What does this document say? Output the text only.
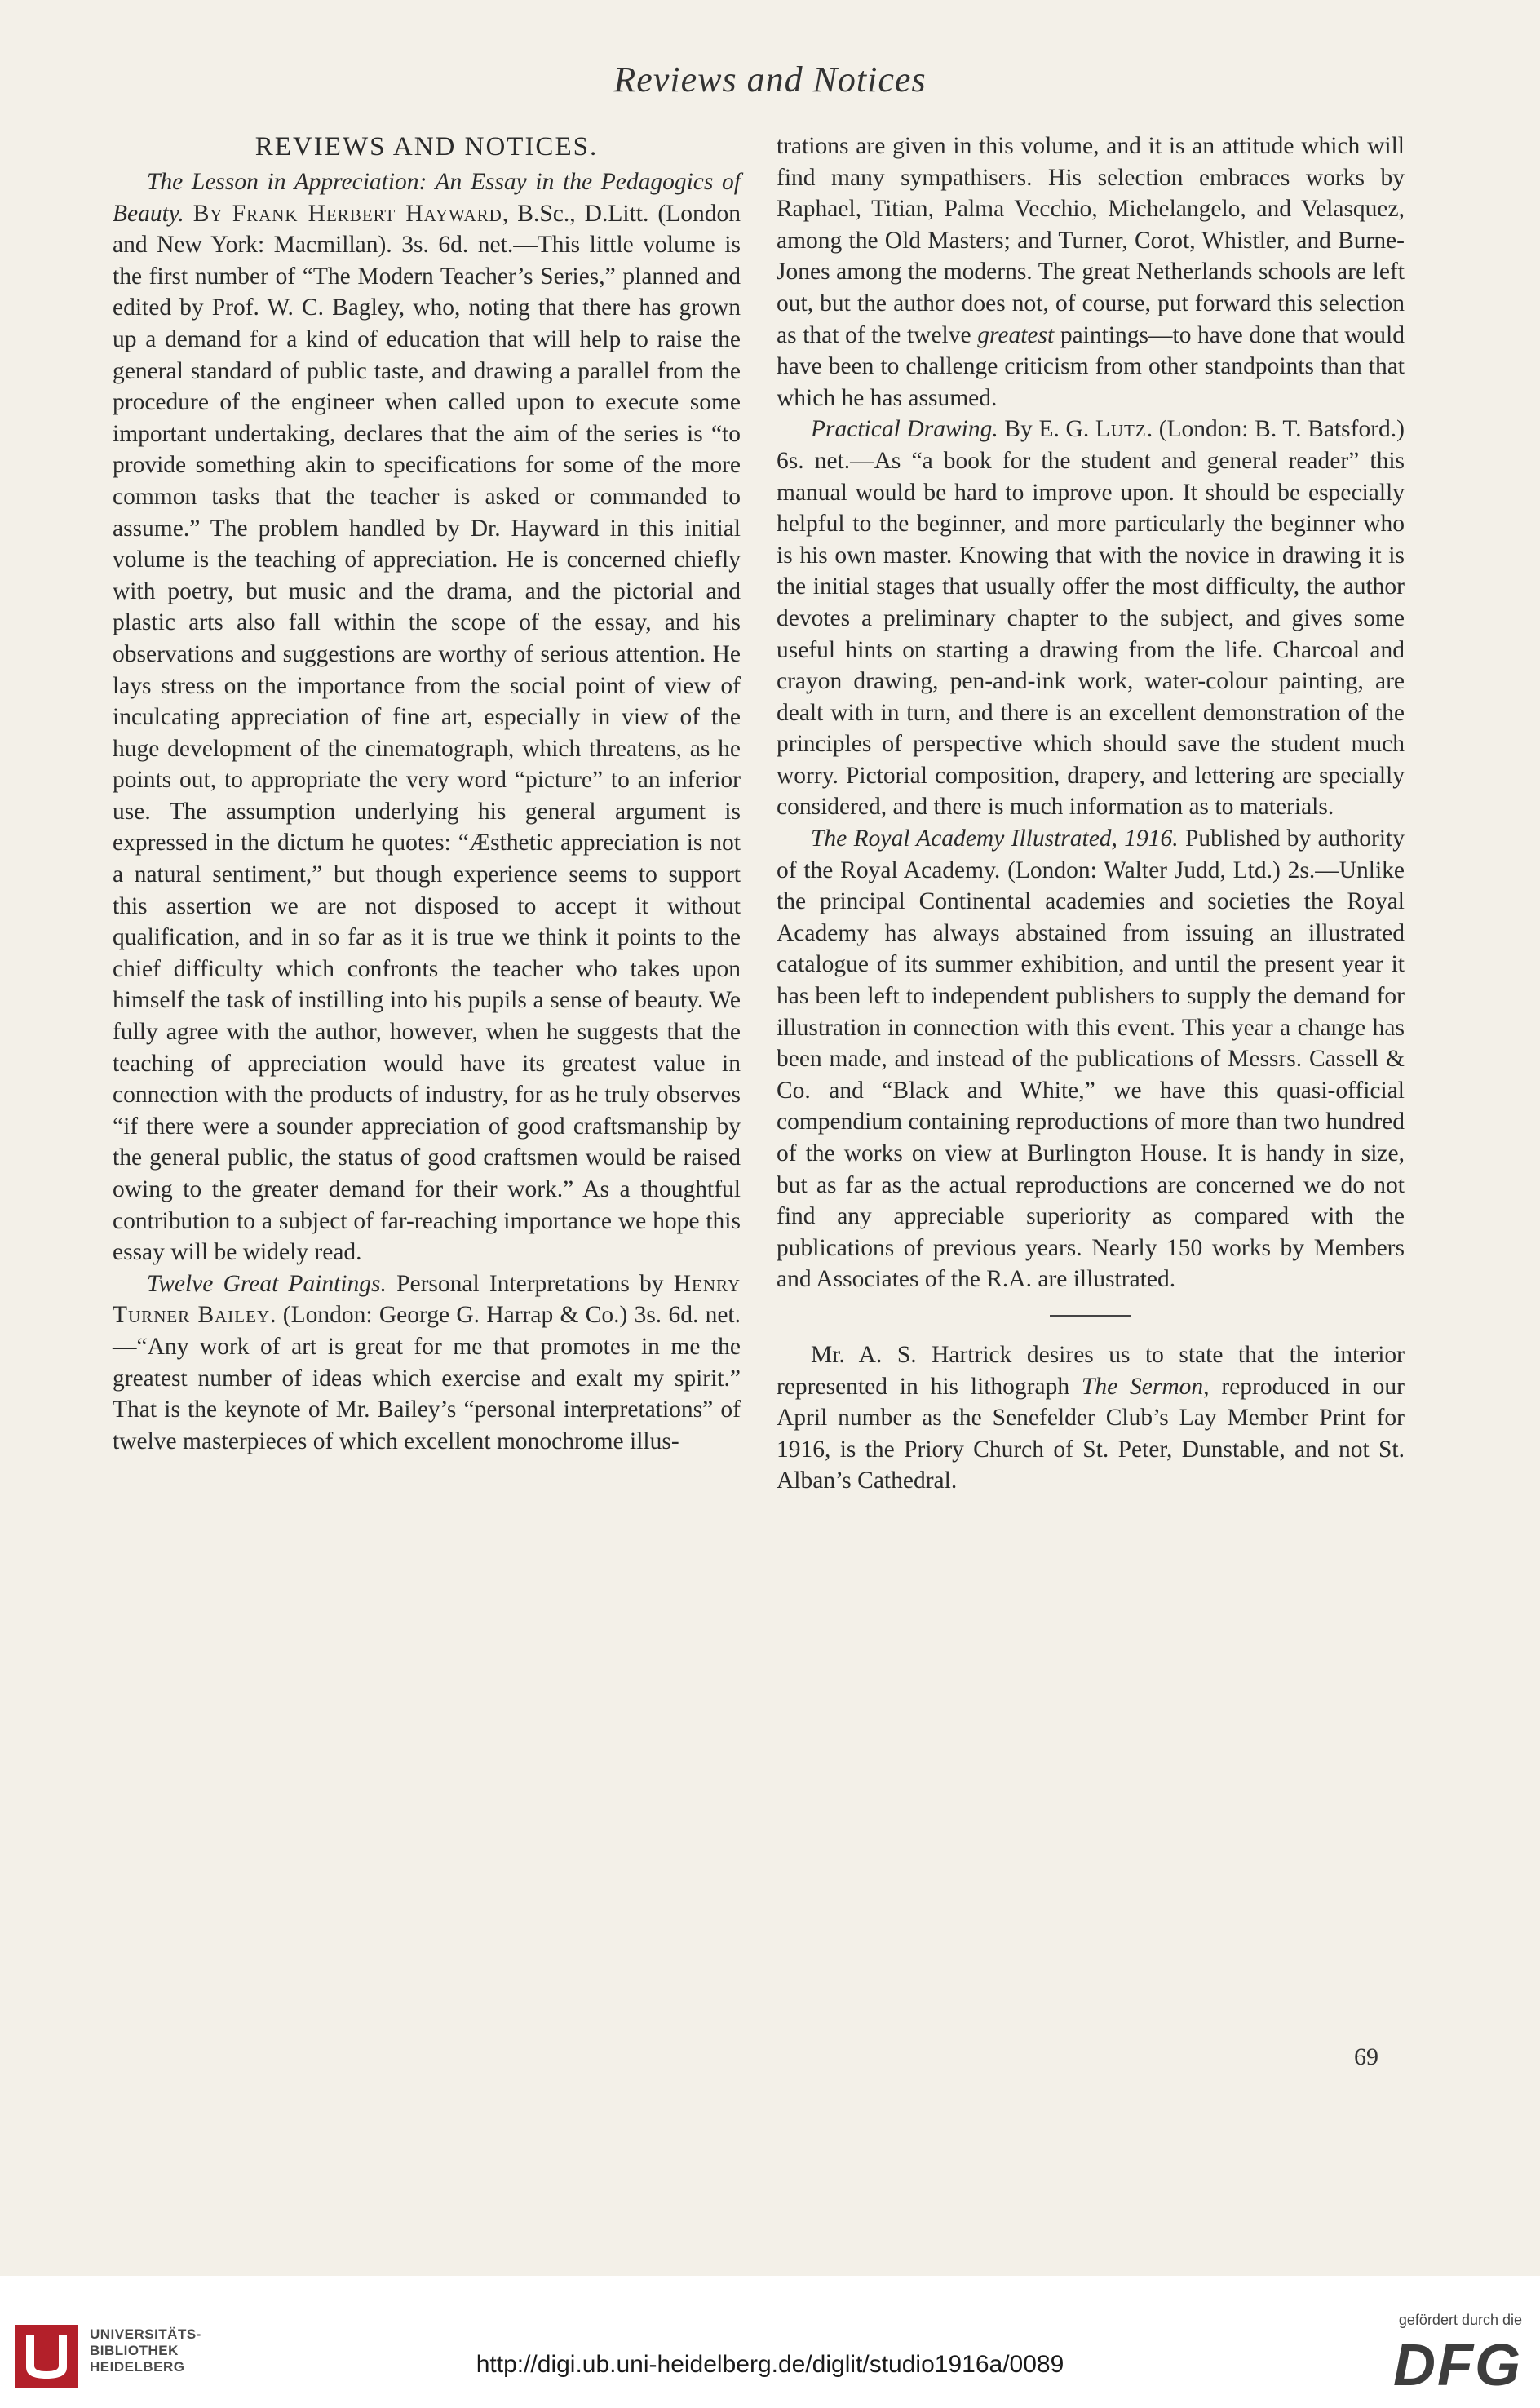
Reviews and Notices
REVIEWS AND NOTICES.

The Lesson in Appreciation: An Essay in the Pedagogics of Beauty. By Frank Herbert Hayward, B.Sc., D.Litt. (London and New York: Macmillan). 3s. 6d. net.—This little volume is the first number of “The Modern Teacher’s Series,” planned and edited by Prof. W. C. Bagley, who, noting that there has grown up a demand for a kind of education that will help to raise the general standard of public taste, and drawing a parallel from the procedure of the engineer when called upon to execute some important undertaking, declares that the aim of the series is “to provide something akin to specifications for some of the more common tasks that the teacher is asked or commanded to assume.” The problem handled by Dr. Hayward in this initial volume is the teaching of appreciation. He is concerned chiefly with poetry, but music and the drama, and the pictorial and plastic arts also fall within the scope of the essay, and his observations and suggestions are worthy of serious attention. He lays stress on the importance from the social point of view of inculcating appreciation of fine art, especially in view of the huge development of the cinematograph, which threatens, as he points out, to appropriate the very word “picture” to an inferior use. The assumption underlying his general argument is expressed in the dictum he quotes: “Æsthetic appreciation is not a natural sentiment,” but though experience seems to support this assertion we are not disposed to accept it without qualification, and in so far as it is true we think it points to the chief difficulty which confronts the teacher who takes upon himself the task of instilling into his pupils a sense of beauty. We fully agree with the author, however, when he suggests that the teaching of appreciation would have its greatest value in connection with the products of industry, for as he truly observes “if there were a sounder appreciation of good craftsmanship by the general public, the status of good craftsmen would be raised owing to the greater demand for their work.” As a thoughtful contribution to a subject of far-reaching importance we hope this essay will be widely read.

Twelve Great Paintings. Personal Interpretations by Henry Turner Bailey. (London: George G. Harrap & Co.) 3s. 6d. net.—“Any work of art is great for me that promotes in me the greatest number of ideas which exercise and exalt my spirit.” That is the keynote of Mr. Bailey’s “personal interpretations” of twelve masterpieces of which excellent monochrome illus-

trations are given in this volume, and it is an attitude which will find many sympathisers. His selection embraces works by Raphael, Titian, Palma Vecchio, Michelangelo, and Velasquez, among the Old Masters; and Turner, Corot, Whistler, and Burne-Jones among the moderns. The great Netherlands schools are left out, but the author does not, of course, put forward this selection as that of the twelve greatest paintings—to have done that would have been to challenge criticism from other standpoints than that which he has assumed.

Practical Drawing. By E. G. Lutz. (London: B. T. Batsford.) 6s. net.—As “a book for the student and general reader” this manual would be hard to improve upon. It should be especially helpful to the beginner, and more particularly the beginner who is his own master. Knowing that with the novice in drawing it is the initial stages that usually offer the most difficulty, the author devotes a preliminary chapter to the subject, and gives some useful hints on starting a drawing from the life. Charcoal and crayon drawing, pen-and-ink work, water-colour painting, are dealt with in turn, and there is an excellent demonstration of the principles of perspective which should save the student much worry. Pictorial composition, drapery, and lettering are specially considered, and there is much information as to materials.

The Royal Academy Illustrated, 1916. Published by authority of the Royal Academy. (London: Walter Judd, Ltd.) 2s.—Unlike the principal Continental academies and societies the Royal Academy has always abstained from issuing an illustrated catalogue of its summer exhibition, and until the present year it has been left to independent publishers to supply the demand for illustration in connection with this event. This year a change has been made, and instead of the publications of Messrs. Cassell & Co. and “Black and White,” we have this quasi-official compendium containing reproductions of more than two hundred of the works on view at Burlington House. It is handy in size, but as far as the actual reproductions are concerned we do not find any appreciable superiority as compared with the publications of previous years. Nearly 150 works by Members and Associates of the R.A. are illustrated.

Mr. A. S. Hartrick desires us to state that the interior represented in his lithograph The Sermon, reproduced in our April number as the Senefelder Club’s Lay Member Print for 1916, is the Priory Church of St. Peter, Dunstable, and not St. Alban’s Cathedral.

69
UNIVERSITÄTS-
BIBLIOTHEK
HEIDELBERG	http://digi.ub.uni-heidelberg.de/diglit/studio1916a/0089
gefördert durch die
DFG
